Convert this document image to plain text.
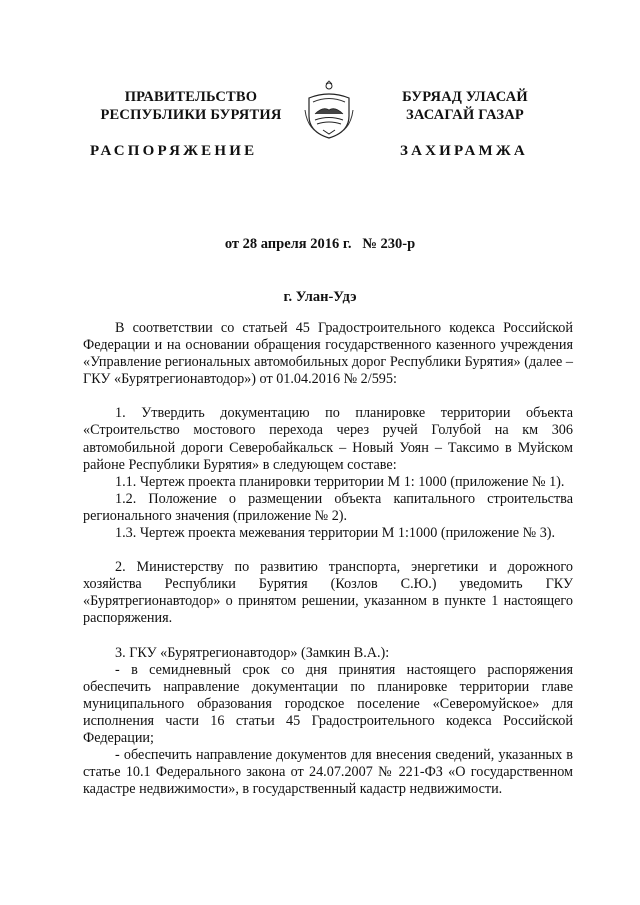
ПРАВИТЕЛЬСТВО
РЕСПУБЛИКИ БУРЯТИЯ
БУРЯАД УЛАСАЙ
ЗАСАГАЙ ГАЗАР
РАСПОРЯЖЕНИЕ	ЗАХИРАМЖА
от 28 апреля 2016 г.   № 230-р
г. Улан-Удэ

В соответствии со статьей 45 Градостроительного кодекса Российской Федерации и на основании обращения государственного казенного учреждения «Управление региональных автомобильных дорог Республики Бурятия» (далее – ГКУ «Бурятрегионавтодор») от 01.04.2016 № 2/595:

1. Утвердить документацию по планировке территории объекта «Строительство мостового перехода через ручей Голубой на км 306 автомобильной дороги Северобайкальск – Новый Уоян – Таксимо в Муйском районе Республики Бурятия» в следующем составе:

1.1. Чертеж проекта планировки территории М 1: 1000 (приложение № 1).

1.2. Положение о размещении объекта капитального строительства регионального значения (приложение № 2).

1.3. Чертеж проекта межевания территории М 1:1000 (приложение № 3).

2. Министерству по развитию транспорта, энергетики и дорожного хозяйства Республики Бурятия (Козлов С.Ю.) уведомить ГКУ «Бурятрегионавтодор» о принятом решении, указанном в пункте 1 настоящего распоряжения.

3. ГКУ «Бурятрегионавтодор» (Замкин В.А.):

- в семидневный срок со дня принятия настоящего распоряжения обеспечить направление документации по планировке территории главе муниципального образования городское поселение «Северомуйское» для исполнения части 16 статьи 45 Градостроительного кодекса Российской Федерации;

- обеспечить направление документов для внесения сведений, указанных в статье 10.1 Федерального закона от 24.07.2007 № 221-ФЗ «О государственном кадастре недвижимости», в государственный кадастр недвижимости.
